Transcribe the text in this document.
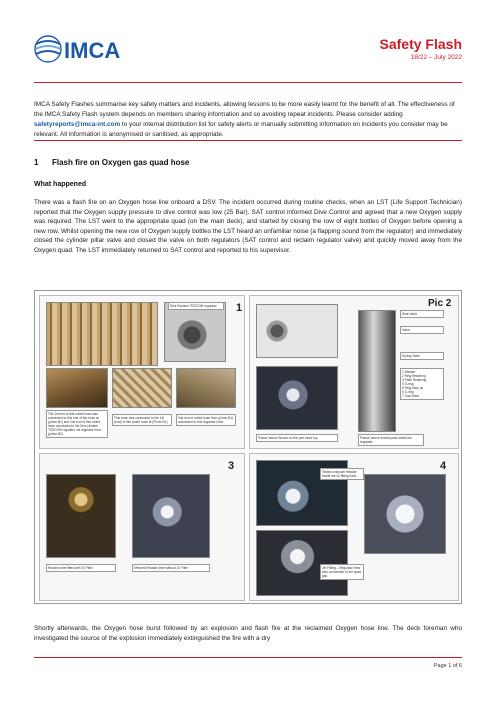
IMCA	Safety Flash
18/22 – July 2022
IMCA Safety Flashes summarise key safety matters and incidents, allowing lessons to be more easily learnt for the benefit of all. The effectiveness of the IMCA Safety Flash system depends on members sharing information and so avoiding repeat incidents. Please consider adding safetyreports@imca-int.com to your internal distribution list for safety alerts or manually submitting information on incidents you consider may be relevant. All information is anonymised or sanitised, as appropriate.
1 Flash fire on Oxygen gas quad hose
What happened
There was a flash fire on an Oxygen hose line onboard a DSV. The incident occurred during routine checks, when an LST (Life Support Technician) reported that the Oxygen supply pressure to dive control was low (25 Bar). SAT control informed Dive Control and agreed that a new Oxygen supply was required. The LST went to the appropriate quad (on the main deck), and started by closing the row of eight bottles of Oxygen before opening a new row. Whilst opening the new row of Oxygen supply bottles the LST heard an unfamiliar noise (a flapping sound from the regulator) and immediately closed the cylinder pillar valve and closed the valve on both regulators (SAT control and reclaim regulator valve) and quickly moved away from the Oxygen quad. The LST immediately returned to SAT control and reported to his supervisor.
Dive Reclaim TESCOM regulator
The 1st end of this coiled hose was connected to this end of the hose at (photo B1) and 2nd end of this coiled hose connected to the Dive reclaim TESCOM regulator via regulator feed (photo B2)
This hose was connected to the 1st (end) of this coiled hose at (Photo B1)
2nd end of coiled hose from (photo B1) connected to this regulator hose
1	Pic 2
Seat Valve
Valve
Spring Valve
1 Washer
2 Ring Retaining
3 Plate Retaining
4 O-ring
5 Ring back up
6 O-ring
7 Cap Valve
Picture above shows parts inside the regulator
Picture above Shows on the pair valve top
3
Reclaim inlet fitted with 10 Filter	Effected Reclaim inlet without 10 Filter
4
Tested unknown residue inside the 02 fitting hose
Jet Fitting – Regulator feed side connection to the quad gas
Shortly afterwards, the Oxygen hose burst followed by an explosion and flash fire at the reclaimed Oxygen hose line. The deck foreman who investigated the source of the explosion immediately extinguished the fire with a dry
Page 1 of 6
